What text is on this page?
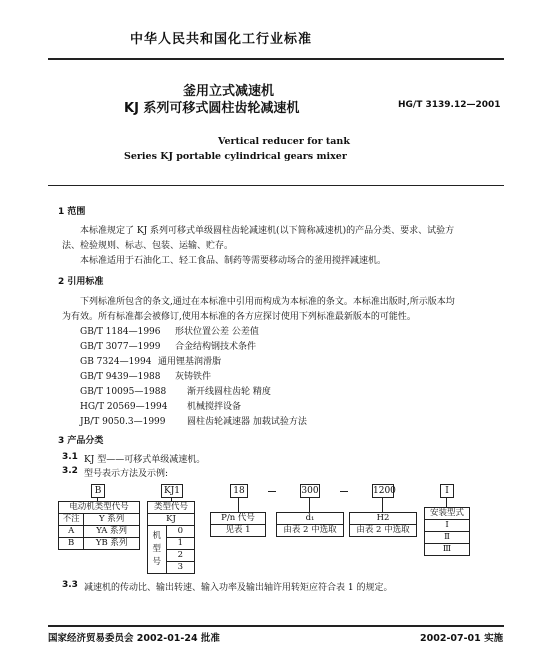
中华人民共和国化工行业标准
釜用立式减速机
KJ 系列可移式圆柱齿轮减速机	HG/T 3139.12—2001
Vertical reducer for tank
Series KJ portable cylindrical gears mixer
1 范围
本标准规定了 KJ 系列可移式单级圆柱齿轮减速机(以下简称减速机)的产品分类、要求、试验方
法、检验规则、标志、包装、运输、贮存。
本标准适用于石油化工、轻工食品、制药等需要移动场合的釜用搅拌减速机。
2 引用标准
下列标准所包含的条文,通过在本标准中引用而构成为本标准的条文。本标准出版时,所示版本均
为有效。所有标准都会被修订,使用本标准的各方应探讨使用下列标准最新版本的可能性。
GB/T 1184—1996 形状位置公差 公差值
GB/T 3077—1999 合金结构钢技术条件
GB 7324—1994 通用锂基润滑脂
GB/T 9439—1988 灰铸铁件
GB/T 10095—1988 渐开线圆柱齿轮 精度
HG/T 20569—1994 机械搅拌设备
JB/T 9050.3—1999 圆柱齿轮减速器 加载试验方法
3 产品分类
3.1 KJ 型——可移式单级减速机。
3.2 型号表示方法及示例:
B	KJ1	18	300	1200	I
电动机类型代号	
不注	Y 系列
A	YA 系列
B	YB 系列
类型代号
KJ

机
型
号
	0
1
2
3
P/n 代号
见表 1
d₁
由表 2 中选取
H2
由表 2 中选取
安装型式
Ⅰ
Ⅱ
Ⅲ
3.3 减速机的传动比、输出转速、输入功率及输出轴许用转矩应符合表 1 的规定。
国家经济贸易委员会 2002-01-24 批准	2002-07-01 实施
